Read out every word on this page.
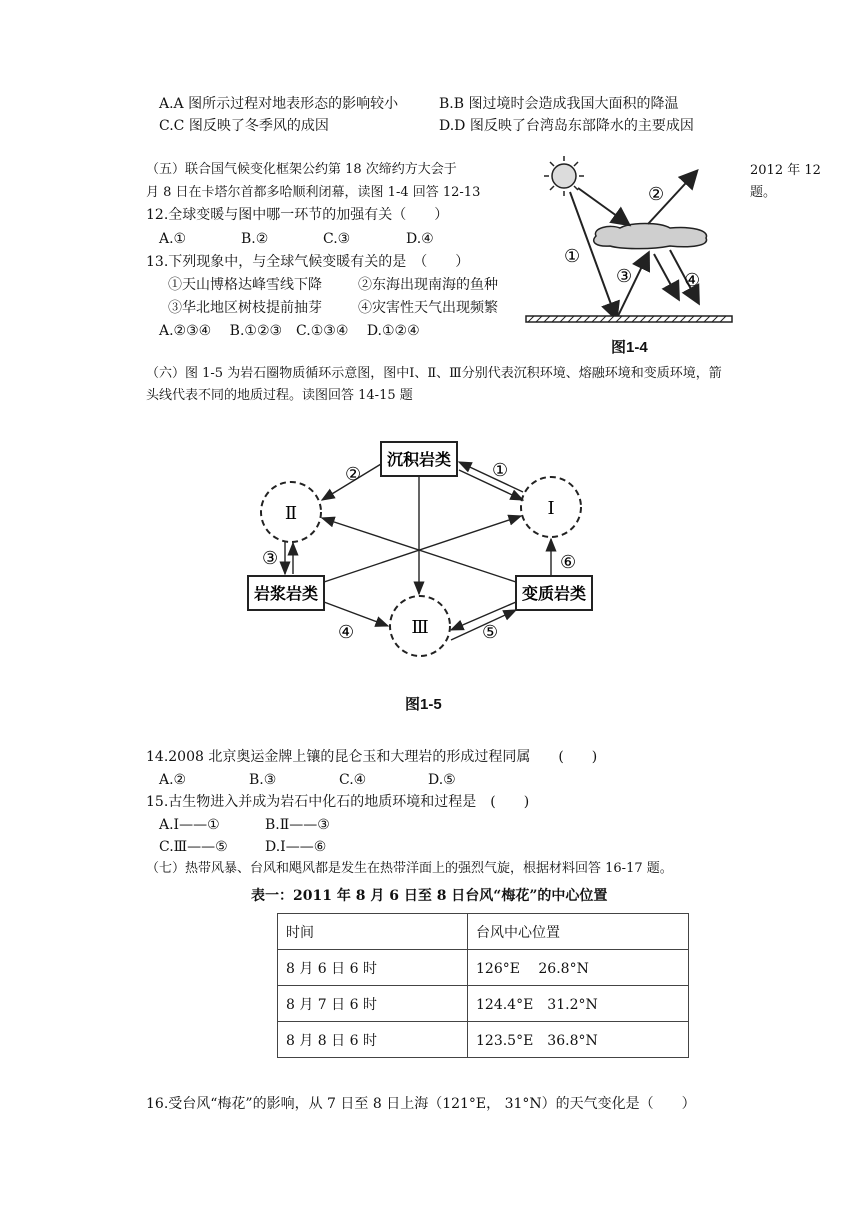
A.A 图所示过程对地表形态的影响较小	B.B 图过境时会造成我国大面积的降温
C.C 图反映了冬季风的成因	D.D 图反映了台湾岛东部降水的主要成因
（五）联合国气候变化框架公约第 18 次缔约方大会于	2012 年 12
月 8 日在卡塔尔首都多哈顺利闭幕，读图 1-4 回答 12-13	题。
12.全球变暖与图中哪一环节的加强有关（　　）
A.①	B.②	C.③	D.④
13.下列现象中，与全球气候变暖有关的是　（　　）
①天山博格达峰雪线下降	②东海出现南海的鱼种
③华北地区树枝提前抽芽	④灾害性天气出现频繁
A.②③④　 B.①②③　C.①③④　 D.①②④
②
①
③	④
图1-4
（六）图 1-5 为岩石圈物质循环示意图，图中Ⅰ、Ⅱ、Ⅲ分别代表沉积环境、熔融环境和变质环境，箭
头线代表不同的地质过程。读图回答 14-15 题
沉积岩类
岩浆岩类	变质岩类
Ⅱ	Ⅰ
Ⅲ
②	①
③
④	⑤
⑥
图1-5
14.2008 北京奥运金牌上镶的昆仑玉和大理岩的形成过程同属　　(　　)
A.②	B.③	C.④	D.⑤
15.古生物进入并成为岩石中化石的地质环境和过程是　(　　)
A.Ⅰ——①	B.Ⅱ——③
C.Ⅲ——⑤	D.Ⅰ——⑥
（七）热带风暴、台风和飓风都是发生在热带洋面上的强烈气旋，根据材料回答 16-17 题。
表一：2011 年 8 月 6 日至 8 日台风“梅花”的中心位置
时间	台风中心位置
8 月 6 日 6 时	126°E　 26.8°N
8 月 7 日 6 时	124.4°E　31.2°N
8 月 8 日 6 时	123.5°E　36.8°N
16.受台风“梅花”的影响，从 7 日至 8 日上海（121°E， 31°N）的天气变化是（　　）
